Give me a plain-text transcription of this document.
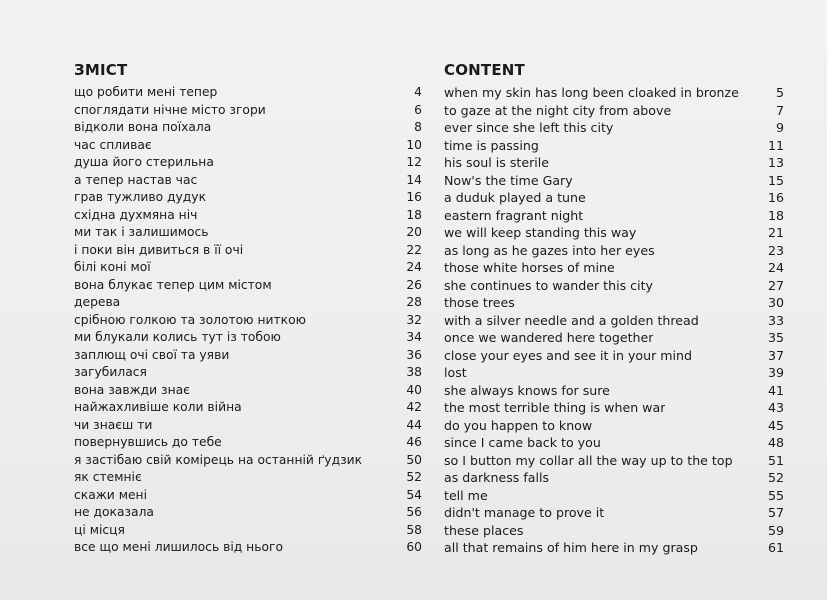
ЗМІСТ
що робити мені тепер	4
споглядати нічне місто згори	6
відколи вона поїхала	8
час спливає	10
душа його стерильна	12
а тепер настав час	14
грав тужливо дудук	16
східна духмяна ніч	18
ми так і залишимось	20
і поки він дивиться в її очі	22
білі коні мої	24
вона блукає тепер цим містом	26
дерева	28
срібною голкою та золотою ниткою	32
ми блукали колись тут із тобою	34
заплющ очі свої та уяви	36
загубилася	38
вона завжди знає	40
найжахливіше коли війна	42
чи знаєш ти	44
повернувшись до тебе	46
я застібаю свій комірець на останній ґудзик	50
як стемніє	52
скажи мені	54
не доказала	56
ці місця	58
все що мені лишилось від нього	60
CONTENT
when my skin has long been cloaked in bronze	5
to gaze at the night city from above	7
ever since she left this city	9
time is passing	11
his soul is sterile	13
Now's the time Gary	15
a duduk played a tune	16
eastern fragrant night	18
we will keep standing this way	21
as long as he gazes into her eyes	23
those white horses of mine	24
she continues to wander this city	27
those trees	30
with a silver needle and a golden thread	33
once we wandered here together	35
close your eyes and see it in your mind	37
lost	39
she always knows for sure	41
the most terrible thing is when war	43
do you happen to know	45
since I came back to you	48
so I button my collar all the way up to the top	51
as darkness falls	52
tell me	55
didn't manage to prove it	57
these places	59
all that remains of him here in my grasp	61
